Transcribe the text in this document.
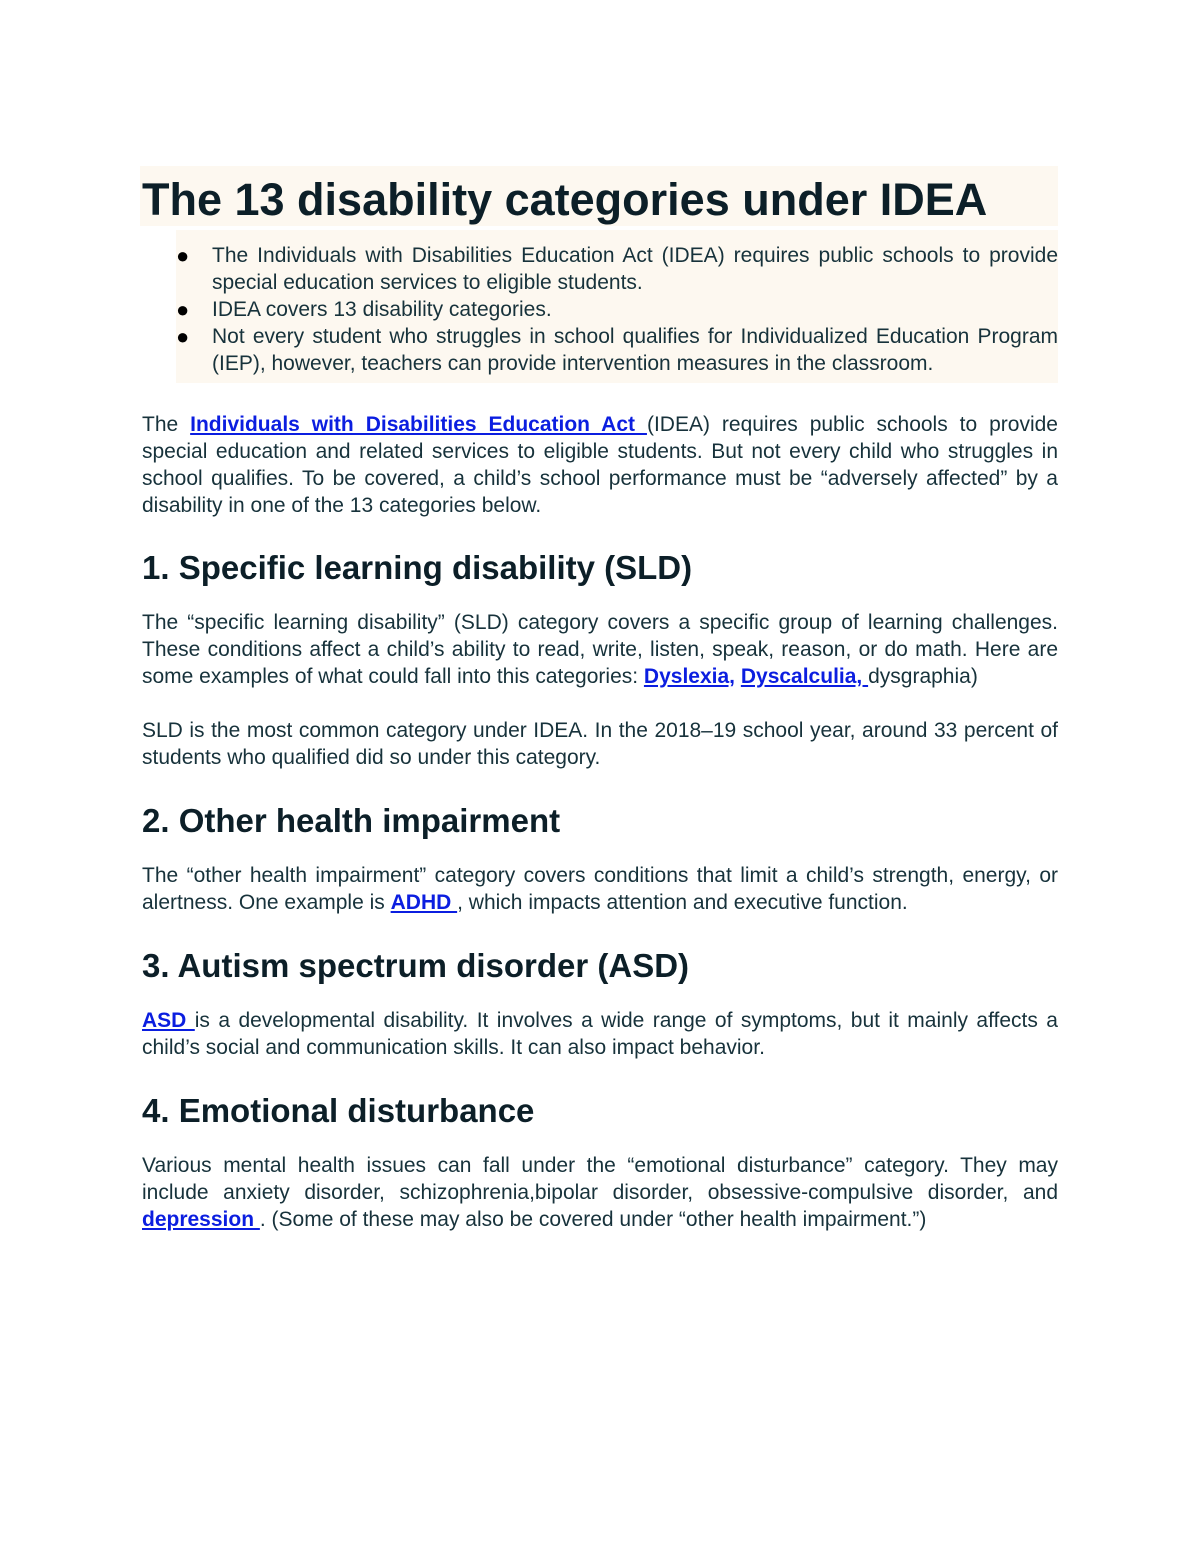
The 13 disability categories under IDEA
● The Individuals with Disabilities Education Act (IDEA) requires public schools to provide special education services to eligible students.
● IDEA covers 13 disability categories.
● Not every student who struggles in school qualifies for Individualized Education Program (IEP), however, teachers can provide intervention measures in the classroom.

The Individuals with Disabilities Education Act (IDEA) requires public schools to provide special education and related services to eligible students. But not every child who struggles in school qualifies. To be covered, a child’s school performance must be “adversely affected” by a disability in one of the 13 categories below.

1. Specific learning disability (SLD)

The “specific learning disability” (SLD) category covers a specific group of learning challenges. These conditions affect a child’s ability to read, write, listen, speak, reason, or do math. Here are some examples of what could fall into this categories: Dyslexia, Dyscalculia, dysgraphia)

SLD is the most common category under IDEA. In the 2018–19 school year, around 33 percent of students who qualified did so under this category.

2. Other health impairment

The “other health impairment” category covers conditions that limit a child’s strength, energy, or alertness. One example is ADHD , which impacts attention and executive function.

3. Autism spectrum disorder (ASD)

ASD is a developmental disability. It involves a wide range of symptoms, but it mainly affects a child’s social and communication skills. It can also impact behavior.

4. Emotional disturbance

Various mental health issues can fall under the “emotional disturbance” category. They may include anxiety disorder, schizophrenia,bipolar disorder, obsessive-compulsive disorder, and depression . (Some of these may also be covered under “other health impairment.”)
